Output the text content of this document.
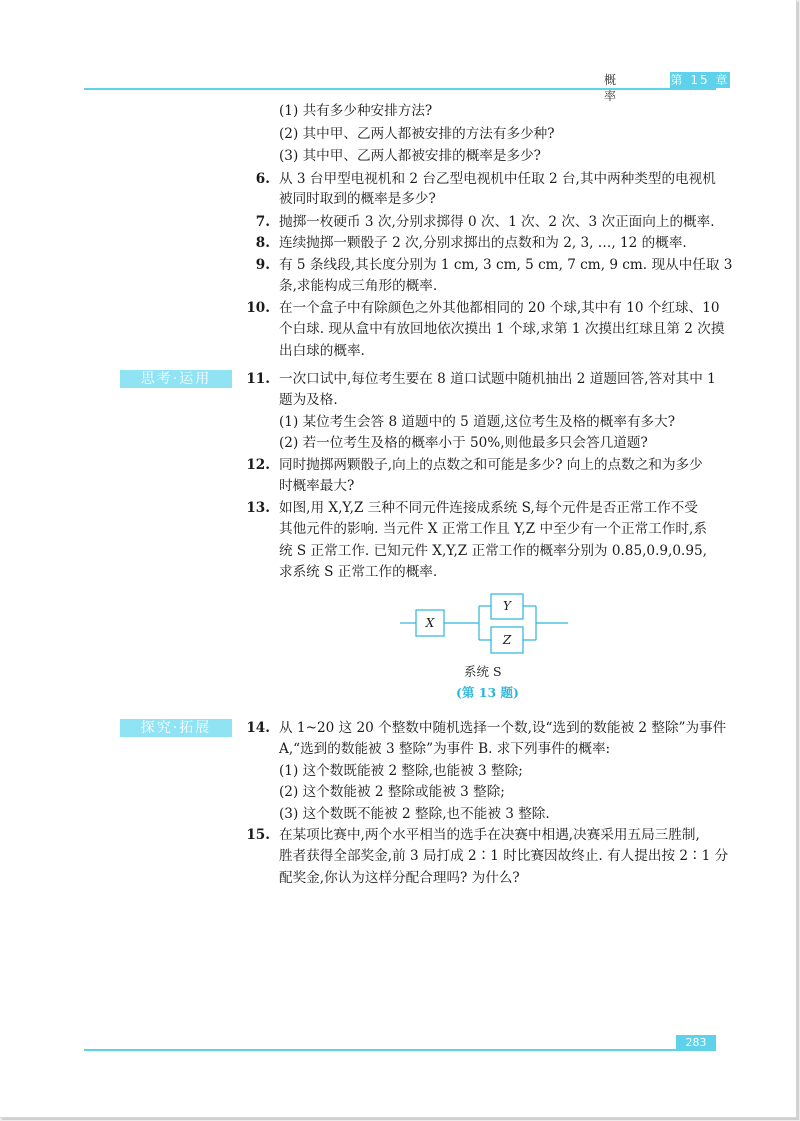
概 率
第 15 章
(1) 共有多少种安排方法?
(2) 其中甲、乙两人都被安排的方法有多少种?
(3) 其中甲、乙两人都被安排的概率是多少?
6. 从 3 台甲型电视机和 2 台乙型电视机中任取 2 台,其中两种类型的电视机
被同时取到的概率是多少?
7. 抛掷一枚硬币 3 次,分别求掷得 0 次、1 次、2 次、3 次正面向上的概率.
8. 连续抛掷一颗骰子 2 次,分别求掷出的点数和为 2, 3, …, 12 的概率.
9. 有 5 条线段,其长度分别为 1 cm, 3 cm, 5 cm, 7 cm, 9 cm. 现从中任取 3
条,求能构成三角形的概率.
10. 在一个盒子中有除颜色之外其他都相同的 20 个球,其中有 10 个红球、10
个白球. 现从盒中有放回地依次摸出 1 个球,求第 1 次摸出红球且第 2 次摸
出白球的概率.
思考·运用	11. 一次口试中,每位考生要在 8 道口试题中随机抽出 2 道题回答,答对其中 1
题为及格.
(1) 某位考生会答 8 道题中的 5 道题,这位考生及格的概率有多大?
(2) 若一位考生及格的概率小于 50%,则他最多只会答几道题?
12. 同时抛掷两颗骰子,向上的点数之和可能是多少? 向上的点数之和为多少
时概率最大?
13. 如图,用 X,Y,Z 三种不同元件连接成系统 S,每个元件是否正常工作不受
其他元件的影响. 当元件 X 正常工作且 Y,Z 中至少有一个正常工作时,系
统 S 正常工作. 已知元件 X,Y,Z 正常工作的概率分别为 0.85,0.9,0.95,
求系统 S 正常工作的概率.
X
Y
Z
系统 S
(第 13 题)
探究·拓展	14. 从 1~20 这 20 个整数中随机选择一个数,设“选到的数能被 2 整除”为事件
A,“选到的数能被 3 整除”为事件 B. 求下列事件的概率:
(1) 这个数既能被 2 整除,也能被 3 整除;
(2) 这个数能被 2 整除或能被 3 整除;
(3) 这个数既不能被 2 整除,也不能被 3 整除.
15. 在某项比赛中,两个水平相当的选手在决赛中相遇,决赛采用五局三胜制,
胜者获得全部奖金,前 3 局打成 2∶1 时比赛因故终止. 有人提出按 2∶1 分
配奖金,你认为这样分配合理吗? 为什么?
283
